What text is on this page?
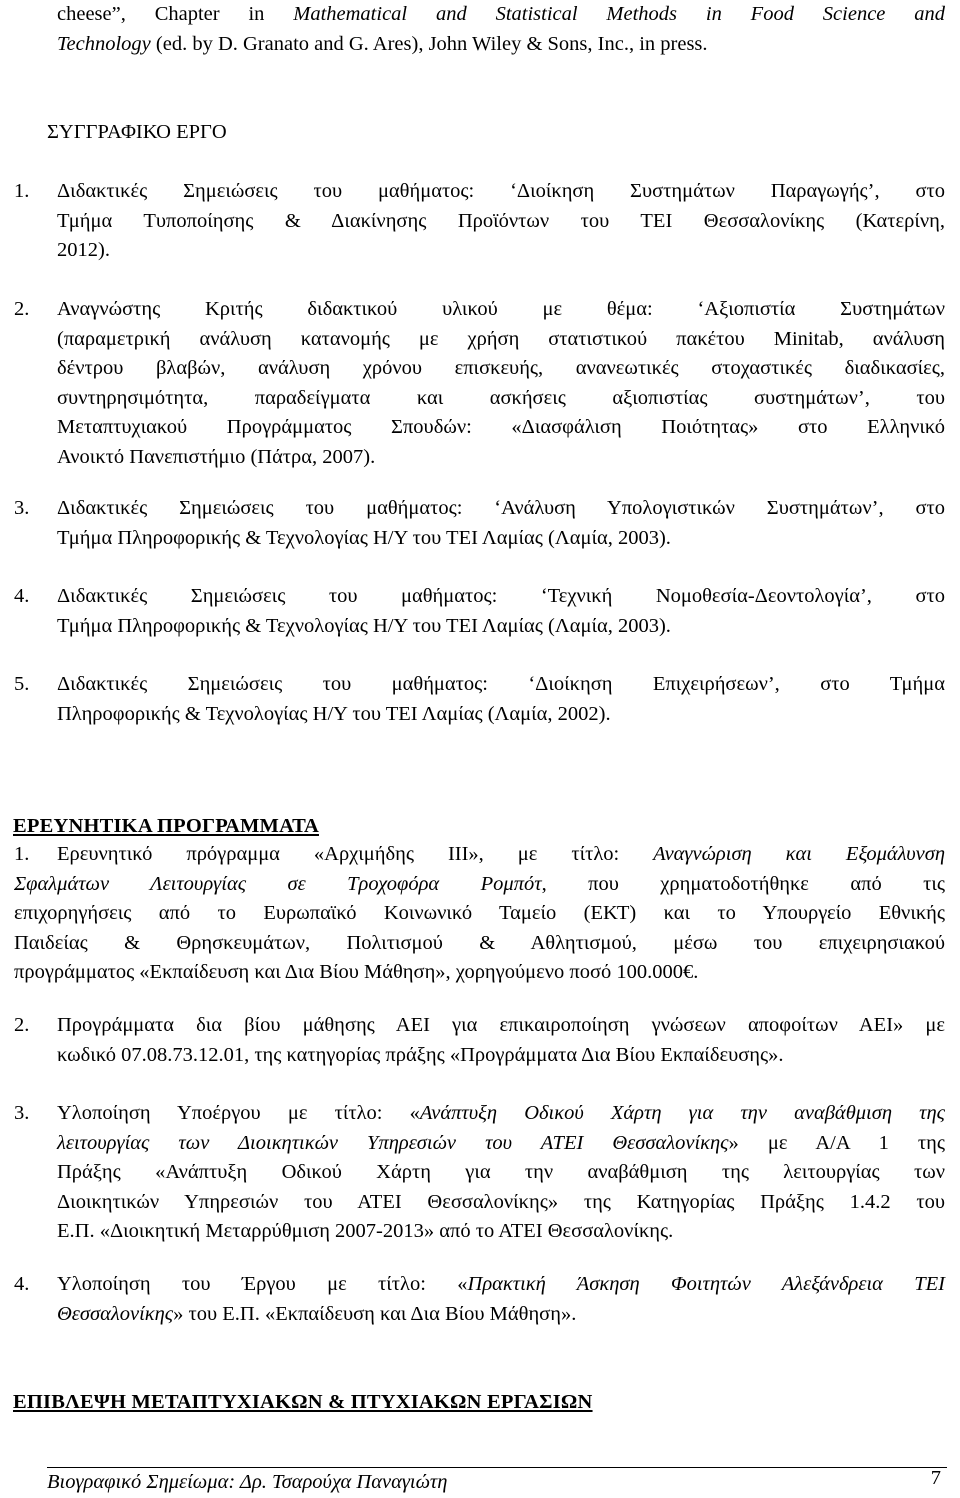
cheese”, Chapter in Mathematical and Statistical Methods in Food Science and
Technology (ed. by D. Granato and G. Ares), John Wiley & Sons, Inc., in press.
ΣΥΓΓΡΑΦΙΚΟ ΕΡΓΟ
1. Διδακτικές Σημειώσεις του μαθήματος: ‘Διοίκηση Συστημάτων Παραγωγής’, στο
Τμήμα Τυποποίησης & Διακίνησης Προϊόντων του ΤΕΙ Θεσσαλονίκης (Κατερίνη,
2012).
2.	Αναγνώστης Κριτής διδακτικού υλικού με θέμα: ‘Αξιοπιστία Συστημάτων
(παραμετρική ανάλυση κατανομής με χρήση στατιστικού πακέτου Minitab, ανάλυση
δέντρου βλαβών, ανάλυση χρόνου επισκευής, ανανεωτικές στοχαστικές διαδικασίες,
συντηρησιμότητα, παραδείγματα και ασκήσεις αξιοπιστίας συστημάτων’, του
Μεταπτυχιακού Προγράμματος Σπουδών: «Διασφάλιση Ποιότητας» στο Ελληνικό
Ανοικτό Πανεπιστήμιο (Πάτρα, 2007).
3. Διδακτικές Σημειώσεις του μαθήματος: ‘Ανάλυση Υπολογιστικών Συστημάτων’, στο
Τμήμα Πληροφορικής & Τεχνολογίας Η/Υ του ΤΕΙ Λαμίας (Λαμία, 2003).
4. Διδακτικές Σημειώσεις του μαθήματος: ‘Τεχνική Νομοθεσία-Δεοντολογία’, στο
Τμήμα Πληροφορικής & Τεχνολογίας Η/Υ του ΤΕΙ Λαμίας (Λαμία, 2003).
5. Διδακτικές Σημειώσεις του μαθήματος: ‘Διοίκηση Επιχειρήσεων’, στο Τμήμα
Πληροφορικής & Τεχνολογίας Η/Υ του ΤΕΙ Λαμίας (Λαμία, 2002).
ΕΡΕΥΝΗΤΙΚΑ ΠΡΟΓΡΑΜΜΑΤΑ
1.	Ερευνητικό πρόγραμμα «Αρχιμήδης ΙΙΙ», με τίτλο: Αναγνώριση και Εξομάλυνση
Σφαλμάτων Λειτουργίας σε Τροχοφόρα Ρομπότ, που χρηματοδοτήθηκε από τις
επιχορηγήσεις από το Ευρωπαϊκό Κοινωνικό Ταμείο (ΕΚΤ) και το Υπουργείο Εθνικής
Παιδείας & Θρησκευμάτων, Πολιτισμού & Αθλητισμού, μέσω του επιχειρησιακού
προγράμματος «Εκπαίδευση και Δια Βίου Μάθηση», χορηγούμενο ποσό 100.000€.
2.	Προγράμματα δια βίου μάθησης ΑΕΙ για επικαιροποίηση γνώσεων αποφοίτων ΑΕΙ» με
κωδικό 07.08.73.12.01, της κατηγορίας πράξης «Προγράμματα Δια Βίου Εκπαίδευσης».
3.	Υλοποίηση Υποέργου με τίτλο: «Ανάπτυξη Οδικού Χάρτη για την αναβάθμιση της
λειτουργίας των Διοικητικών Υπηρεσιών του ΑΤΕΙ Θεσσαλονίκης» με Α/Α 1 της
Πράξης «Ανάπτυξη Οδικού Χάρτη για την αναβάθμιση της λειτουργίας των
Διοικητικών Υπηρεσιών του ΑΤΕΙ Θεσσαλονίκης» της Κατηγορίας Πράξης 1.4.2 του
Ε.Π. «Διοικητική Μεταρρύθμιση 2007-2013» από το ΑΤΕΙ Θεσσαλονίκης.
4.	Υλοποίηση του Έργου με τίτλο: «Πρακτική Άσκηση Φοιτητών Αλεξάνδρεια ΤΕΙ
Θεσσαλονίκης» του Ε.Π. «Εκπαίδευση και Δια Βίου Μάθηση».
ΕΠΙΒΛΕΨΗ ΜΕΤΑΠΤΥΧΙΑΚΩΝ & ΠΤΥΧΙΑΚΩΝ ΕΡΓΑΣΙΩΝ
Βιογραφικό Σημείωμα: Δρ. Τσαρούχα Παναγιώτη	7
